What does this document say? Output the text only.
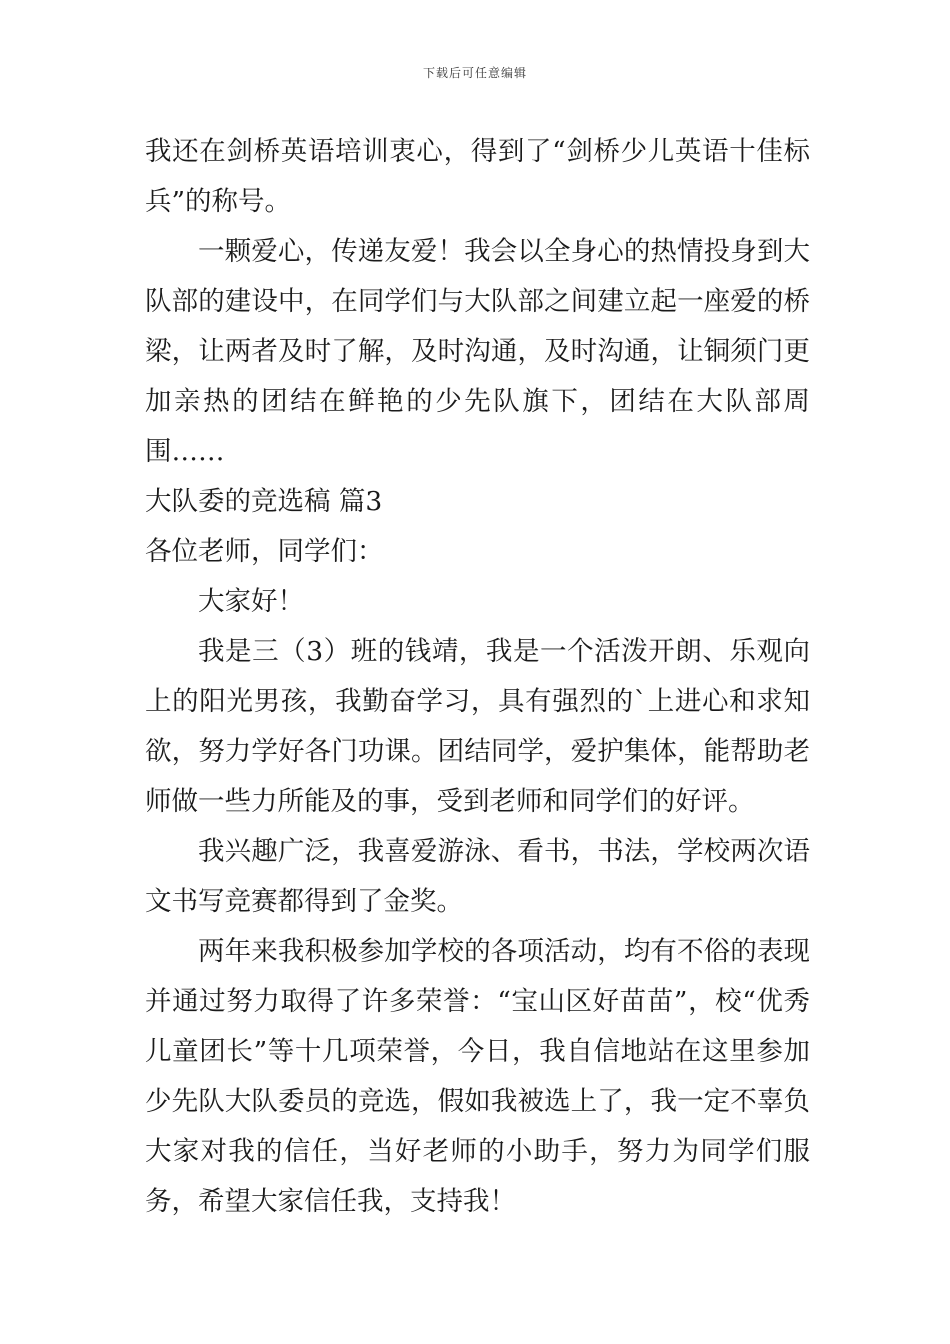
下载后可任意编辑

我还在剑桥英语培训衷心，得到了“剑桥少儿英语十佳标兵”的称号。

一颗爱心，传递友爱！我会以全身心的热情投身到大队部的建设中，在同学们与大队部之间建立起一座爱的桥梁，让两者及时了解，及时沟通，及时沟通，让铜须门更加亲热的团结在鲜艳的少先队旗下，团结在大队部周围……

大队委的竞选稿 篇3

各位老师，同学们：

大家好！

我是三（3）班的钱靖，我是一个活泼开朗、乐观向上的阳光男孩，我勤奋学习，具有强烈的`上进心和求知欲，努力学好各门功课。团结同学，爱护集体，能帮助老师做一些力所能及的事，受到老师和同学们的好评。

我兴趣广泛，我喜爱游泳、看书，书法，学校两次语文书写竞赛都得到了金奖。

两年来我积极参加学校的各项活动，均有不俗的表现并通过努力取得了许多荣誉：“宝山区好苗苗”，校“优秀儿童团长”等十几项荣誉，今日，我自信地站在这里参加少先队大队委员的竞选，假如我被选上了，我一定不辜负大家对我的信任，当好老师的小助手，努力为同学们服务，希望大家信任我，支持我！
